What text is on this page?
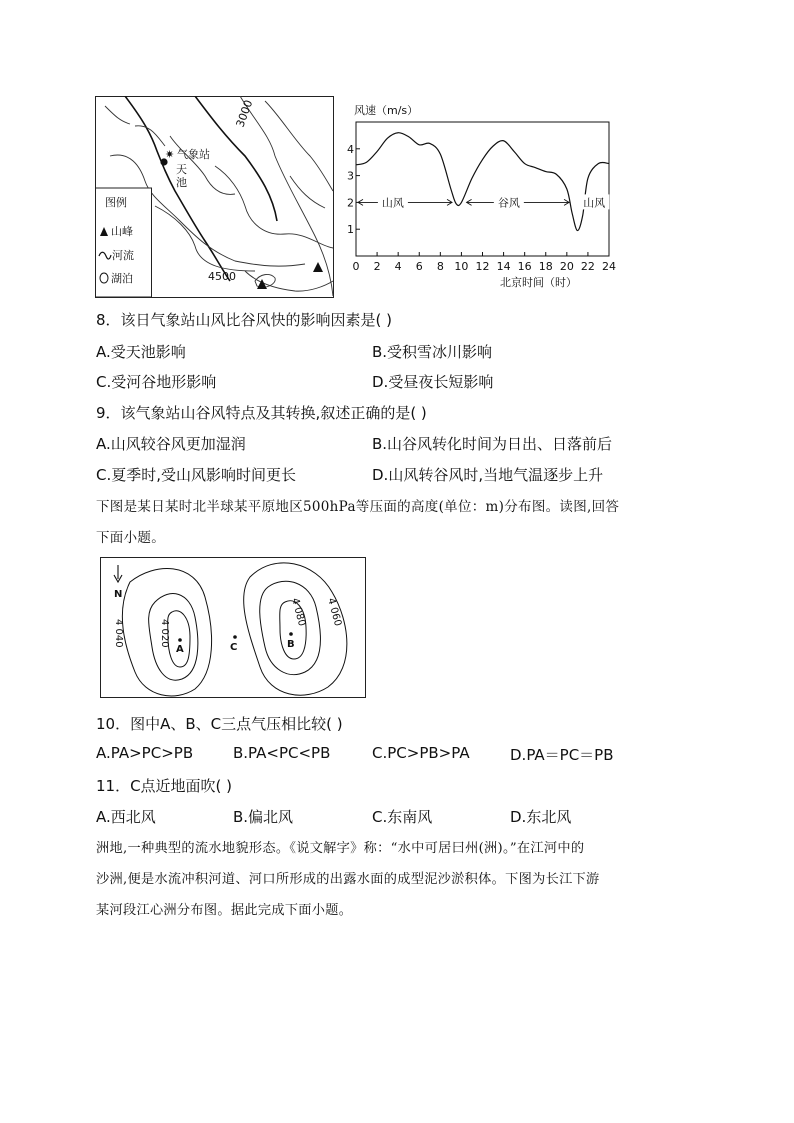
3000
4500
✷ 气象站
天
池
图例
山峰
河流
湖泊
风速（m/s）
1
2
3
4
0 2 4 6 8 10 12 14 16 18 20 22 24
山风	谷风	山风
北京时间（时）
8．该日气象站山风比谷风快的影响因素是( )
A.受天池影响	B.受积雪冰川影响
C.受河谷地形影响	D.受昼夜长短影响
9．该气象站山谷风特点及其转换,叙述正确的是( )
A.山风较谷风更加湿润	B.山谷风转化时间为日出、日落前后
C.夏季时,受山风影响时间更长	D.山风转谷风时,当地气温逐步上升
下图是某日某时北半球某平原地区500hPa等压面的高度(单位：m)分布图。读图,回答
下面小题。
N
4 040	4 020
4 080 4 060
A	C	B
10．图中A、B、C三点气压相比较( )
A.PA>PC>PB	B.PA<PC<PB	C.PC>PB>PA	D.PA＝PC＝PB
11．C点近地面吹( )
A.西北风	B.偏北风	C.东南风	D.东北风
洲地,一种典型的流水地貌形态。《说文解字》称：“水中可居曰州(洲)。”在江河中的
沙洲,便是水流冲积河道、河口所形成的出露水面的成型泥沙淤积体。下图为长江下游
某河段江心洲分布图。据此完成下面小题。
